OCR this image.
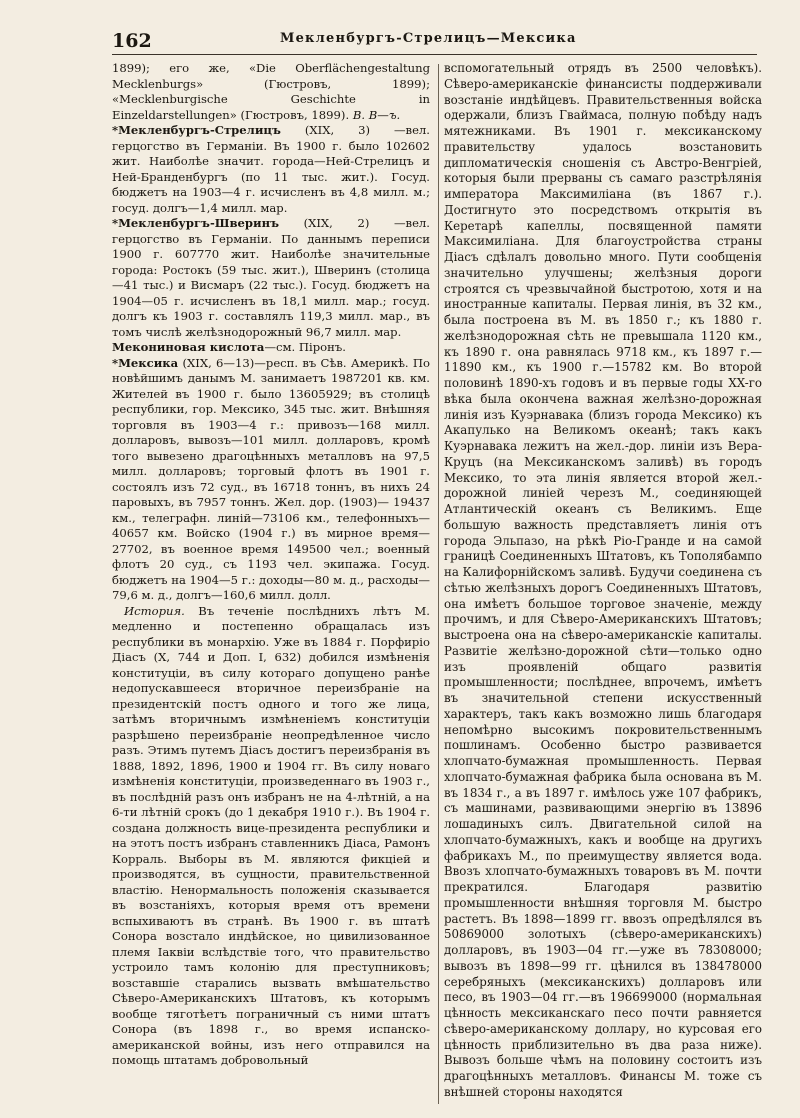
162	Мекленбургъ-Стрелицъ—Мексика

1899); его же, «Die Oberflächengestaltung Mecklenburgs» (Гюстровъ, 1899); «Mecklenburgische Geschichte in Einzeldarstellungen» (Гюстровъ, 1899). В. В—ъ.

*Мекленбургъ-Стрелицъ (XIX, 3) —вел. герцогство въ Германіи. Въ 1900 г. было 102602 жит. Наиболѣе значит. города—Ней-Стрелицъ и Ней-Бранденбургъ (по 11 тыс. жит.). Госуд. бюджетъ на 1903—4 г. исчисленъ въ 4,8 милл. м.; госуд. долгъ—1,4 милл. мар.

*Мекленбургъ-Шверинъ (XIX, 2) —вел. герцогство въ Германіи. По даннымъ переписи 1900 г. 607770 жит. Наиболѣе значительные города: Ростокъ (59 тыс. жит.), Шверинъ (столица—41 тыс.) и Висмаръ (22 тыс.). Госуд. бюджетъ на 1904—05 г. исчисленъ въ 18,1 милл. мар.; госуд. долгъ къ 1903 г. составлялъ 119,3 милл. мар., въ томъ числѣ желѣзнодорожный 96,7 милл. мар.

Мекониновая кислота—см. Піронъ.

*Мексика (XIX, 6—13)—респ. въ Сѣв. Америкѣ. По новѣйшимъ данымъ М. занимаетъ 1987201 кв. км. Жителей въ 1900 г. было 13605929; въ столицѣ республики, гор. Мексико, 345 тыс. жит. Внѣшняя торговля въ 1903—4 г.: привозъ—168 милл. долларовъ, вывозъ—101 милл. долларовъ, кромѣ того вывезено драгоцѣнныхъ металловъ на 97,5 милл. долларовъ; торговый флотъ въ 1901 г. состоялъ изъ 72 суд., въ 16718 тоннъ, въ нихъ 24 паровыхъ, въ 7957 тоннъ. Жел. дор. (1903)— 19437 км., телеграфн. линій—73106 км., телефонныхъ—40657 км. Войско (1904 г.) въ мирное время—27702, въ военное время 149500 чел.; военный флотъ 20 суд., съ 1193 чел. экипажа. Госуд. бюджетъ на 1904—5 г.: доходы—80 м. д., расходы—79,6 м. д., долгъ—160,6 милл. долл.

История. Въ теченіе послѣднихъ лѣтъ М. медленно и постепенно обращалась изъ республики въ монархію. Уже въ 1884 г. Порфиріо Діасъ (X, 744 и Доп. I, 632) добился измѣненія конституціи, въ силу котораго допущено ранѣе недопускавшееся вторичное переизбраніе на президентскій постъ одного и того же лица, затѣмъ вторичнымъ измѣненіемъ конституціи разрѣшено переизбраніе неопредѣленное число разъ. Этимъ путемъ Діасъ достигъ переизбранія въ 1888, 1892, 1896, 1900 и 1904 гг. Въ силу новаго измѣненія конституціи, произведеннаго въ 1903 г., въ послѣдній разъ онъ избранъ не на 4-лѣтній, а на 6-ти лѣтній срокъ (до 1 декабря 1910 г.). Въ 1904 г. создана должность вице-президента республики и на этотъ постъ избранъ ставленникъ Діаса, Рамонъ Корраль. Выборы въ М. являются фикціей и производятся, въ сущности, правительственной властію. Ненормальность положенія сказывается въ возстаніяхъ, которыя время отъ времени вспыхиваютъ въ странѣ. Въ 1900 г. въ штатѣ Сонора возстало индѣйское, но цивилизованное племя Іаквіи вслѣдствіе того, что правительство устроило тамъ колонію для преступниковъ; возставшіе старались вызвать вмѣшательство Сѣверо-Американскихъ Штатовъ, къ которымъ вообще тяготѣетъ пограничный съ ними штатъ Сонора (въ 1898 г., во время испанско-американской войны, изъ него отправился на помощь штатамъ добровольный

вспомогательный отрядъ въ 2500 человѣкъ). Сѣверо-американскіе финансисты поддерживали возстаніе индѣйцевъ. Правительственныя войска одержали, близъ Гваймаса, полную побѣду надъ мятежниками. Въ 1901 г. мексиканскому правительству удалось возстановить дипломатическія сношенія съ Австро-Венгріей, которыя были прерваны съ самаго разстрѣлянія императора Максимиліана (въ 1867 г.). Достигнуто это посредствомъ открытія въ Керетарѣ капеллы, посвященной памяти Максимиліана. Для благоустройства страны Діасъ сдѣлалъ довольно много. Пути сообщенія значительно улучшены; желѣзныя дороги строятся съ чрезвычайной быстротою, хотя и на иностранные капиталы. Первая линія, въ 32 км., была построена въ М. въ 1850 г.; къ 1880 г. желѣзнодорожная сѣть не превышала 1120 км., къ 1890 г. она равнялась 9718 км., къ 1897 г.—11890 км., къ 1900 г.—15782 км. Во второй половинѣ 1890-хъ годовъ и въ первые годы XX-го вѣка была окончена важная желѣзно-дорожная линія изъ Куэрнавака (близъ города Мексико) къ Акапулько на Великомъ океанѣ; такъ какъ Куэрнавака лежитъ на жел.-дор. линіи изъ Вера-Круцъ (на Мексиканскомъ заливѣ) въ городъ Мексико, то эта линія является второй жел.-дорожной линіей черезъ М., соединяющей Атлантическій океанъ съ Великимъ. Еще большую важность представляетъ линія отъ города Эльпазо, на рѣкѣ Ріо-Гранде и на самой границѣ Соединенныхъ Штатовъ, къ Тополябампо на Калифорнійскомъ заливѣ. Будучи соединена съ сѣтью желѣзныхъ дорогъ Соединенныхъ Штатовъ, она имѣетъ большое торговое значеніе, между прочимъ, и для Сѣверо-Американскихъ Штатовъ; выстроена она на сѣверо-американскіе капиталы. Развитіе желѣзно-дорожной сѣти—только одно изъ проявленій общаго развитія промышленности; послѣднее, впрочемъ, имѣетъ въ значительной степени искусственный характеръ, такъ какъ возможно лишь благодаря непомѣрно высокимъ покровительственнымъ пошлинамъ. Особенно быстро развивается хлопчато-бумажная промышленность. Первая хлопчато-бумажная фабрика была основана въ М. въ 1834 г., а въ 1897 г. имѣлось уже 107 фабрикъ, съ машинами, развивающими энергію въ 13896 лошадиныхъ силъ. Двигательной силой на хлопчато-бумажныхъ, какъ и вообще на другихъ фабрикахъ М., по преимуществу является вода. Ввозъ хлопчато-бумажныхъ товаровъ въ М. почти прекратился. Благодаря развитію промышленности внѣшняя торговля М. быстро растетъ. Въ 1898—1899 гг. ввозъ опредѣлялся въ 50869000 золотыхъ (сѣверо-американскихъ) долларовъ, въ 1903—04 гг.—уже въ 78308000; вывозъ въ 1898—99 гг. цѣнился въ 138478000 серебряныхъ (мексиканскихъ) долларовъ или песо, въ 1903—04 гг.—въ 196699000 (нормальная цѣнность мексиканскаго песо почти равняется сѣверо-американскому доллару, но курсовая его цѣнность приблизительно въ два раза ниже). Вывозъ больше чѣмъ на половину состоитъ изъ драгоцѣнныхъ металловъ. Финансы М. тоже съ внѣшней стороны находятся
